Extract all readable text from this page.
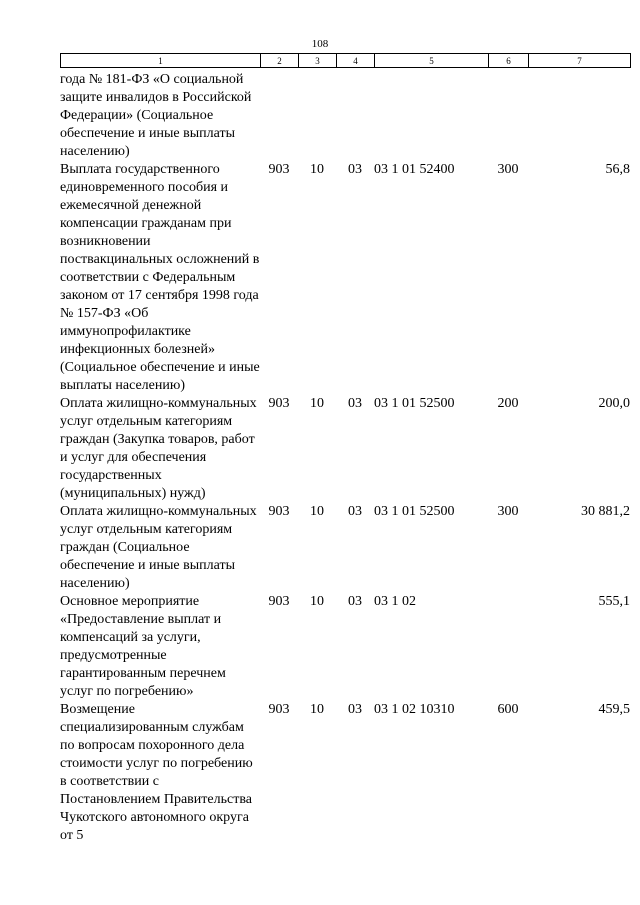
108
1	2	3	4	5	6	7
года № 181-ФЗ «О социальной защите инвалидов в Российской Федерации» (Социальное обеспечение и иные выплаты населению)						
Выплата государственного единовременного пособия и ежемесячной денежной компенсации гражданам при возникновении поствакцинальных осложнений в соответствии с Федеральным законом от 17 сентября 1998 года № 157-ФЗ «Об иммунопрофилактике инфекционных болезней» (Социальное обеспечение и иные выплаты населению)	903	10	03	03 1 01 52400	300	56,8
Оплата жилищно-коммунальных услуг отдельным категориям граждан (Закупка товаров, работ и услуг для обеспечения государственных (муниципальных) нужд)	903	10	03	03 1 01 52500	200	200,0
Оплата жилищно-коммунальных услуг отдельным категориям граждан (Социальное обеспечение и иные выплаты населению)	903	10	03	03 1 01 52500	300	30 881,2
Основное мероприятие «Предоставление выплат и компенсаций за услуги, предусмотренные гарантированным перечнем услуг по погребению»	903	10	03	03 1 02		555,1
Возмещение специализированным службам по вопросам похоронного дела стоимости услуг по погребению в соответствии с Постановлением Правительства Чукотского автономного округа от 5	903	10	03	03 1 02 10310	600	459,5
